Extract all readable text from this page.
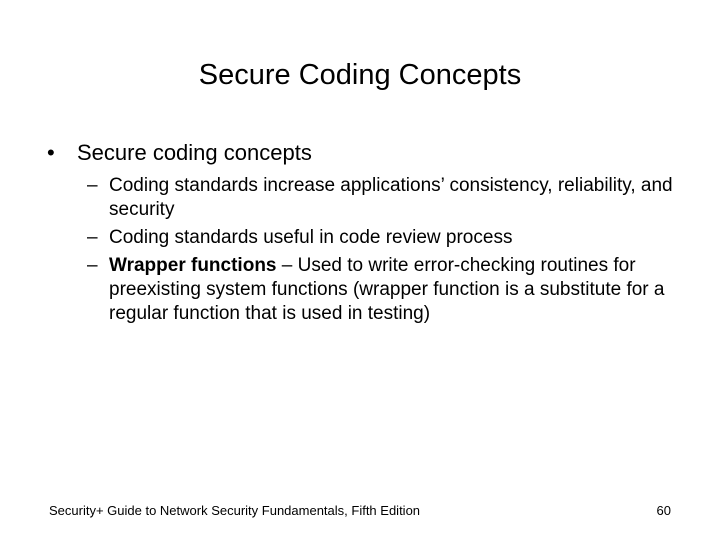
Secure Coding Concepts
• Secure coding concepts
– Coding standards increase applications’ consistency, reliability, and security
– Coding standards useful in code review process
– Wrapper functions – Used to write error-checking routines for preexisting system functions (wrapper function is a substitute for a regular function that is used in testing)
Security+ Guide to Network Security Fundamentals, Fifth Edition	60
